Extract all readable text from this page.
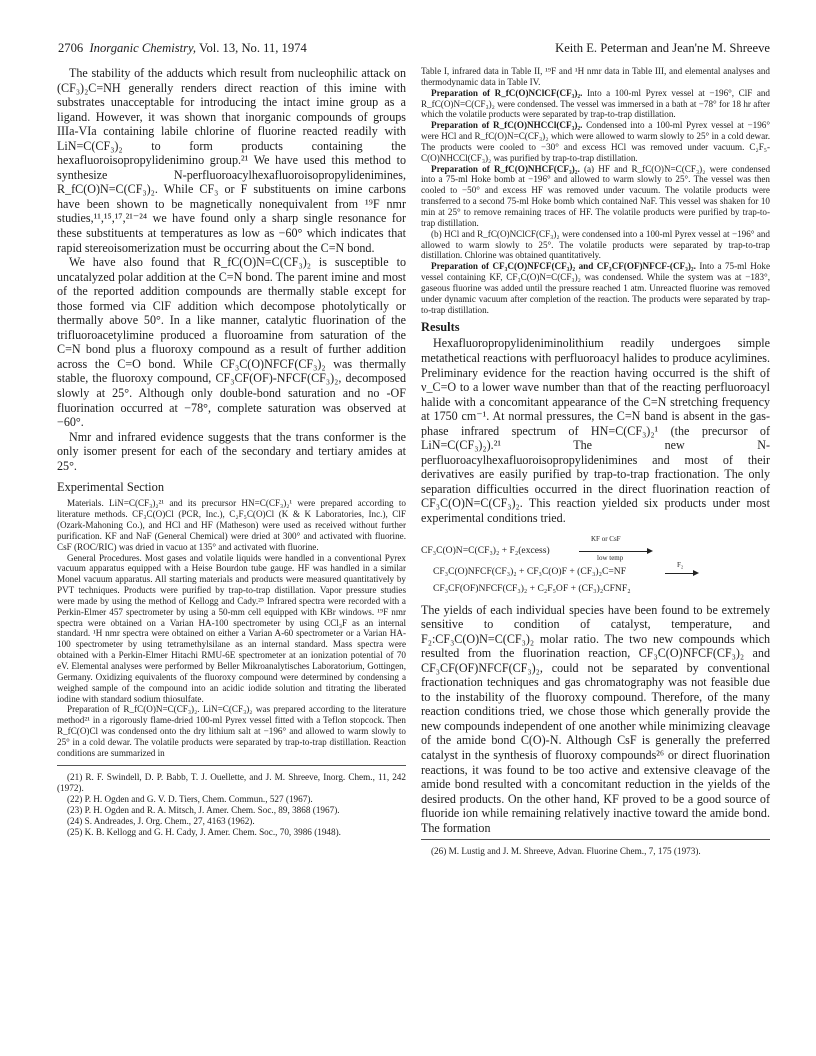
2706 Inorganic Chemistry, Vol. 13, No. 11, 1974	Keith E. Peterman and Jean'ne M. Shreeve

The stability of the adducts which result from nucleophilic attack on (CF₃)₂C=NH generally renders direct reaction of this imine with substrates unacceptable for introducing the intact imine group as a ligand. However, it was shown that inorganic compounds of groups IIIa-VIa containing labile chlorine of fluorine reacted readily with LiN=C(CF₃)₂ to form products containing the hexafluoroisopropylidenimino group.²¹ We have used this method to synthesize N-perfluoroacylhexafluoroisopropylidenimines, R_fC(O)N=C(CF₃)₂. While CF₃ or F substituents on imine carbons have been shown to be magnetically nonequivalent from ¹⁹F nmr studies,¹¹,¹⁵,¹⁷,²¹⁻²⁴ we have found only a sharp single resonance for these substituents at temperatures as low as −60° which indicates that rapid stereoisomerization must be occurring about the C=N bond.

We have also found that R_fC(O)N=C(CF₃)₂ is susceptible to uncatalyzed polar addition at the C=N bond. The parent imine and most of the reported addition compounds are thermally stable except for those formed via ClF addition which decompose photolytically or thermally above 50°. In a like manner, catalytic fluorination of the trifluoroacetylimine produced a fluoroamine from saturation of the C=N bond plus a fluoroxy compound as a result of further addition across the C=O bond. While CF₃C(O)NFCF(CF₃)₂ was thermally stable, the fluoroxy compound, CF₃CF(OF)-NFCF(CF₃)₂, decomposed slowly at 25°. Although only double-bond saturation and no -OF fluorination occurred at −78°, complete saturation was observed at −60°.

Nmr and infrared evidence suggests that the trans conformer is the only isomer present for each of the secondary and tertiary amides at 25°.

Experimental Section

Materials. LiN=C(CF₃)₂²¹ and its precursor HN=C(CF₃)₂¹ were prepared according to literature methods. CF₃C(O)Cl (PCR, Inc.), C₂F₅C(O)Cl (K & K Laboratories, Inc.), ClF (Ozark-Mahoning Co.), and HCl and HF (Matheson) were used as received without further purification. KF and NaF (General Chemical) were dried at 300° and activated with fluorine. CsF (ROC/RIC) was dried in vacuo at 135° and activated with fluorine.

General Procedures. Most gases and volatile liquids were handled in a conventional Pyrex vacuum apparatus equipped with a Heise Bourdon tube gauge. HF was handled in a similar Monel vacuum apparatus. All starting materials and products were measured quantitatively by PVT techniques. Products were purified by trap-to-trap distillation. Vapor pressure studies were made by using the method of Kellogg and Cady.²⁵ Infrared spectra were recorded with a Perkin-Elmer 457 spectrometer by using a 50-mm cell equipped with KBr windows. ¹⁹F nmr spectra were obtained on a Varian HA-100 spectrometer by using CCl₃F as an internal standard. ¹H nmr spectra were obtained on either a Varian A-60 spectrometer or a Varian HA-100 spectrometer by using tetramethylsilane as an internal standard. Mass spectra were obtained with a Perkin-Elmer Hitachi RMU-6E spectrometer at an ionization potential of 70 eV. Elemental analyses were performed by Beller Mikroanalytisches Laboratorium, Gottingen, Germany. Oxidizing equivalents of the fluoroxy compound were determined by condensing a weighed sample of the compound into an acidic iodide solution and titrating the liberated iodine with standard sodium thiosulfate.

Preparation of R_fC(O)N=C(CF₃)₂. LiN=C(CF₃)₂ was prepared according to the literature method²¹ in a rigorously flame-dried 100-ml Pyrex vessel fitted with a Teflon stopcock. Then R_fC(O)Cl was condensed onto the dry lithium salt at −196° and allowed to warm slowly to 25° in a cold dewar. The volatile products were separated by trap-to-trap distillation. Reaction conditions are summarized in

(21) R. F. Swindell, D. P. Babb, T. J. Ouellette, and J. M. Shreeve, Inorg. Chem., 11, 242 (1972).

(22) P. H. Ogden and G. V. D. Tiers, Chem. Commun., 527 (1967).

(23) P. H. Ogden and R. A. Mitsch, J. Amer. Chem. Soc., 89, 3868 (1967).

(24) S. Andreades, J. Org. Chem., 27, 4163 (1962).

(25) K. B. Kellogg and G. H. Cady, J. Amer. Chem. Soc., 70, 3986 (1948).

Table I, infrared data in Table II, ¹⁹F and ¹H nmr data in Table III, and elemental analyses and thermodynamic data in Table IV.

Preparation of R_fC(O)NClCF(CF₃)₂. Into a 100-ml Pyrex vessel at −196°, ClF and R_fC(O)N=C(CF₃)₂ were condensed. The vessel was immersed in a bath at −78° for 18 hr after which the volatile products were separated by trap-to-trap distillation.

Preparation of R_fC(O)NHCCl(CF₃)₂. Condensed into a 100-ml Pyrex vessel at −196° were HCl and R_fC(O)N=C(CF₃)₂ which were allowed to warm slowly to 25° in a cold dewar. The products were cooled to −30° and excess HCl was removed under vacuum. C₂F₅-C(O)NHCCl(CF₃)₂ was purified by trap-to-trap distillation.

Preparation of R_fC(O)NHCF(CF₃)₂. (a) HF and R_fC(O)N=C(CF₃)₂ were condensed into a 75-ml Hoke bomb at −196° and allowed to warm slowly to 25°. The vessel was then cooled to −50° and excess HF was removed under vacuum. The volatile products were transferred to a second 75-ml Hoke bomb which contained NaF. This vessel was shaken for 10 min at 25° to remove remaining traces of HF. The volatile products were purified by trap-to-trap distillation.

(b) HCl and R_fC(O)NClCF(CF₃)₂ were condensed into a 100-ml Pyrex vessel at −196° and allowed to warm slowly to 25°. The volatile products were separated by trap-to-trap distillation. Chlorine was obtained quantitatively.

Preparation of CF₃C(O)NFCF(CF₃)₂ and CF₃CF(OF)NFCF-(CF₃)₂. Into a 75-ml Hoke vessel containing KF, CF₃C(O)N=C(CF₃)₂ was condensed. While the system was at −183°, gaseous fluorine was added until the pressure reached 1 atm. Unreacted fluorine was removed under dynamic vacuum after completion of the reaction. The products were separated by trap-to-trap distillation.

Results

Hexafluoropropylideniminolithium readily undergoes simple metathetical reactions with perfluoroacyl halides to produce acylimines. Preliminary evidence for the reaction having occurred is the shift of ν_C=O to a lower wave number than that of the reacting perfluoroacyl halide with a concomitant appearance of the C=N stretching frequency at 1750 cm⁻¹. At normal pressures, the C=N band is absent in the gas-phase infrared spectrum of HN=C(CF₃)₂¹ (the precursor of LiN=C(CF₃)₂).²¹ The new N-perfluoroacylhexafluoroisopropylidenimines and most of their derivatives are easily purified by trap-to-trap fractionation. The only separation difficulties occurred in the direct fluorination reaction of CF₃C(O)N=C(CF₃)₂. This reaction yielded six products under most experimental conditions tried.

CF₃C(O)N=C(CF₃)₂ + F₂(excess)
KF or CsF
low temp
CF₃C(O)NFCF(CF₃)₂ + CF₃C(O)F + (CF₃)₂C=NF
F₂
CF₃CF(OF)NFCF(CF₃)₂ + C₂F₅OF + (CF₃)₂CFNF₂

The yields of each individual species have been found to be extremely sensitive to condition of catalyst, temperature, and F₂:CF₃C(O)N=C(CF₃)₂ molar ratio. The two new compounds which resulted from the fluorination reaction, CF₃C(O)NFCF(CF₃)₂ and CF₃CF(OF)NFCF(CF₃)₂, could not be separated by conventional fractionation techniques and gas chromatography was not feasible due to the instability of the fluoroxy compound. Therefore, of the many reaction conditions tried, we chose those which generally provide the new compounds independent of one another while minimizing cleavage of the amide bond C(O)-N. Although CsF is generally the preferred catalyst in the synthesis of fluoroxy compounds²⁶ or direct fluorination reactions, it was found to be too active and extensive cleavage of the amide bond resulted with a concomitant reduction in the yields of the desired products. On the other hand, KF proved to be a good source of fluoride ion while remaining relatively inactive toward the amide bond. The formation

(26) M. Lustig and J. M. Shreeve, Advan. Fluorine Chem., 7, 175 (1973).
